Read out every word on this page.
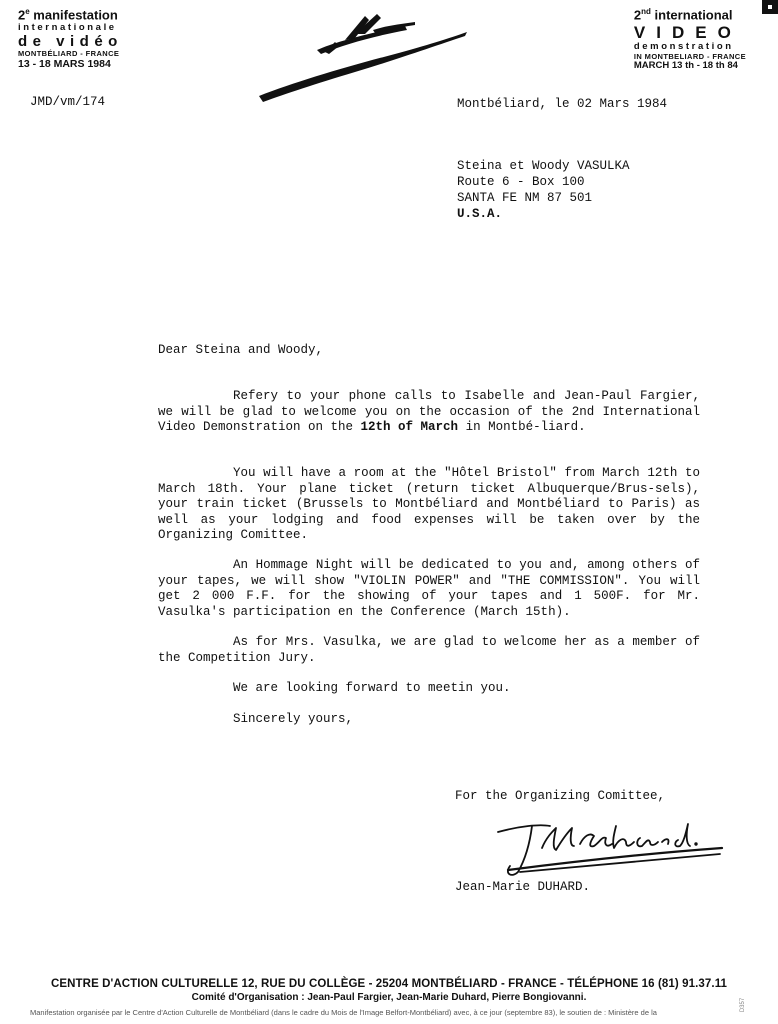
2e manifestation
internationale
de vidéo
MONTBÉLIARD - FRANCE
13 - 18 MARS 1984
2nd international
VIDEO
demonstration
IN MONTBELIARD - FRANCE
MARCH 13 th - 18 th 84
JMD/vm/174	Montbéliard, le 02 Mars 1984
Steina et Woody VASULKA
Route 6 - Box 100
SANTA FE NM 87 501
U.S.A.
Dear Steina and Woody,

Refery to your phone calls to Isabelle and Jean-Paul Fargier, we will be glad to welcome you on the occasion of the 2nd International Video Demonstration on the 12th of March in Montbé-liard.

You will have a room at the "Hôtel Bristol" from March 12th to March 18th. Your plane ticket (return ticket Albuquerque/Brus-sels), your train ticket (Brussels to Montbéliard and Montbéliard to Paris) as well as your lodging and food expenses will be taken over by the Organizing Comittee.

An Hommage Night will be dedicated to you and, among others of your tapes, we will show "VIOLIN POWER" and "THE COMMISSION". You will get 2 000 F.F. for the showing of your tapes and 1 500F. for Mr. Vasulka's participation en the Conference (March 15th).

As for Mrs. Vasulka, we are glad to welcome her as a member of the Competition Jury.

We are looking forward to meetin you.
Sincerely yours,
For the Organizing Comittee,
Jean-Marie DUHARD.
CENTRE D'ACTION CULTURELLE 12, RUE DU COLLÈGE - 25204 MONTBÉLIARD - FRANCE - TÉLÉPHONE 16 (81) 91.37.11
Comité d'Organisation : Jean-Paul Fargier, Jean-Marie Duhard, Pierre Bongiovanni.
Manifestation organisée par le Centre d'Action Culturelle de Montbéliard (dans le cadre du Mois de l'Image Belfort-Montbéliard) avec, à ce jour (septembre 83), le soutien de : Ministère de la
D357
